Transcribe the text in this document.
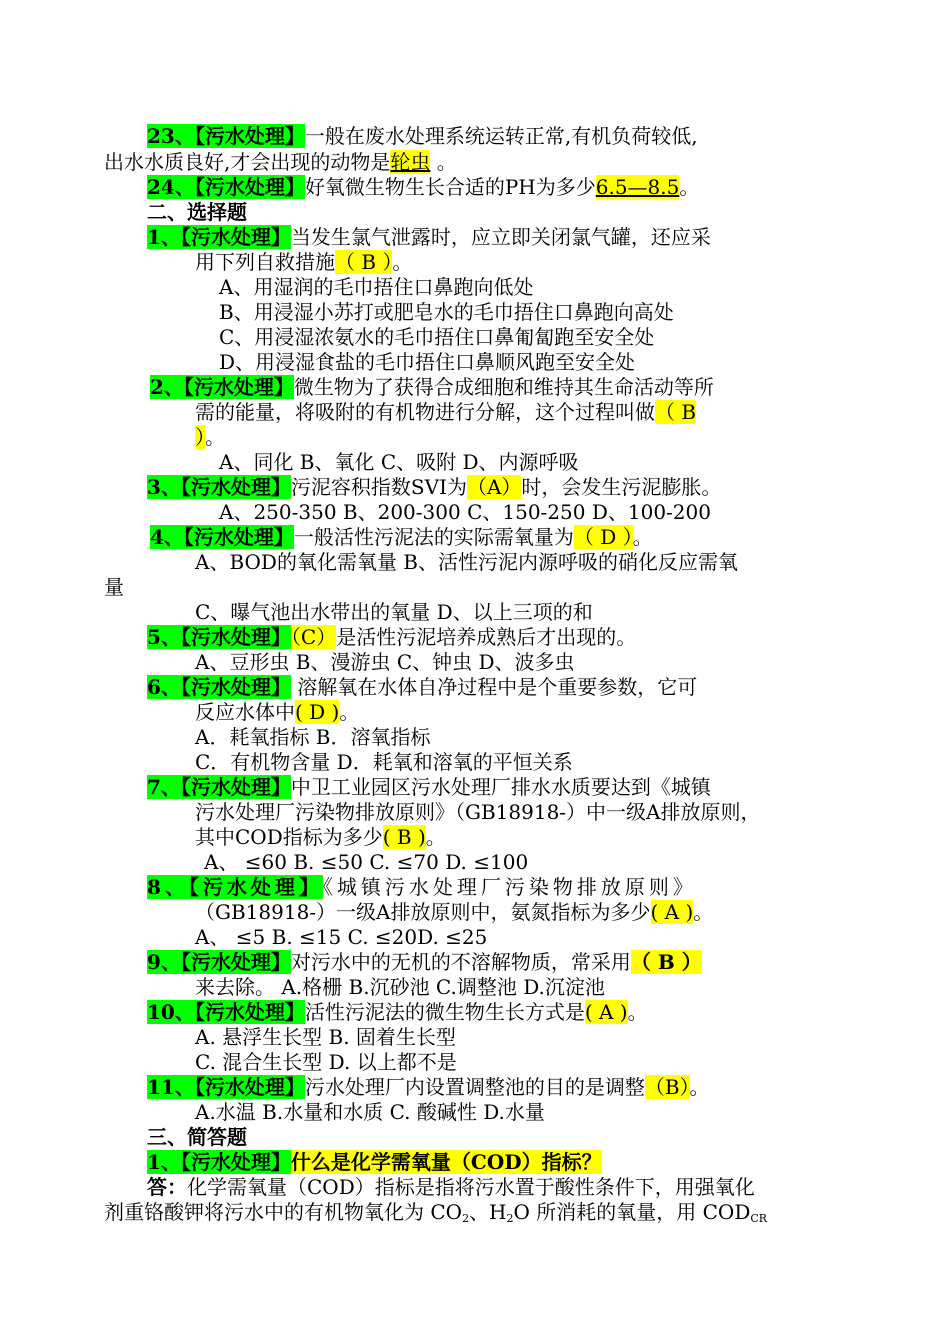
23、【污水处理】一般在废水处理系统运转正常,有机负荷较低,
出水水质良好,才会出现的动物是轮虫 。
24、【污水处理】好氧微生物生长合适的PH为多少6.5—8.5。
二、选择题
1、【污水处理】当发生氯气泄露时，应立即关闭氯气罐，还应采
用下列自救措施（ B ）。
A、用湿润的毛巾捂住口鼻跑向低处
B、用浸湿小苏打或肥皂水的毛巾捂住口鼻跑向高处
C、用浸湿浓氨水的毛巾捂住口鼻匍匐跑至安全处
D、用浸湿食盐的毛巾捂住口鼻顺风跑至安全处
2、【污水处理】微生物为了获得合成细胞和维持其生命活动等所
需的能量，将吸附的有机物进行分解，这个过程叫做（ B
）。
A、同化 B、氧化 C、吸附 D、内源呼吸
3、【污水处理】污泥容积指数SVI为（A）时，会发生污泥膨胀。
A、250-350 B、200-300 C、150-250 D、100-200
4、【污水处理】一般活性污泥法的实际需氧量为（ D ）。
A、BOD的氧化需氧量 B、活性污泥内源呼吸的硝化反应需氧
量
C、曝气池出水带出的氧量 D、以上三项的和
5、【污水处理】（C）是活性污泥培养成熟后才出现的。
A、豆形虫 B、漫游虫 C、钟虫 D、波多虫
6、【污水处理】 溶解氧在水体自净过程中是个重要参数，它可
反应水体中( D )。
A．耗氧指标 B．溶氧指标
C．有机物含量 D．耗氧和溶氧的平恒关系
7、【污水处理】中卫工业园区污水处理厂排水水质要达到《城镇
污水处理厂污染物排放原则》（GB18918-）中一级A排放原则，
其中COD指标为多少( B )。
A、 ≤60 B. ≤50 C. ≤70 D. ≤100
8、【污水处理】《城镇污水处理厂污染物排放原则》
（GB18918-）一级A排放原则中，氨氮指标为多少( A )。
A、 ≤5 B. ≤15 C. ≤20D. ≤25
9、【污水处理】对污水中的无机的不溶解物质，常采用（ B ）
来去除。 A.格栅 B.沉砂池 C.调整池 D.沉淀池
10、【污水处理】活性污泥法的微生物生长方式是( A )。
A. 悬浮生长型 B. 固着生长型
C. 混合生长型 D. 以上都不是
11、【污水处理】污水处理厂内设置调整池的目的是调整（B）。
A.水温 B.水量和水质 C. 酸碱性 D.水量
三、简答题
1、【污水处理】什么是化学需氧量（COD）指标？
答：化学需氧量（COD）指标是指将污水置于酸性条件下，用强氧化
剂重铬酸钾将污水中的有机物氧化为 $CO_2$、$H_2O$ 所消耗的氧量，用 $COD_{CR}$
